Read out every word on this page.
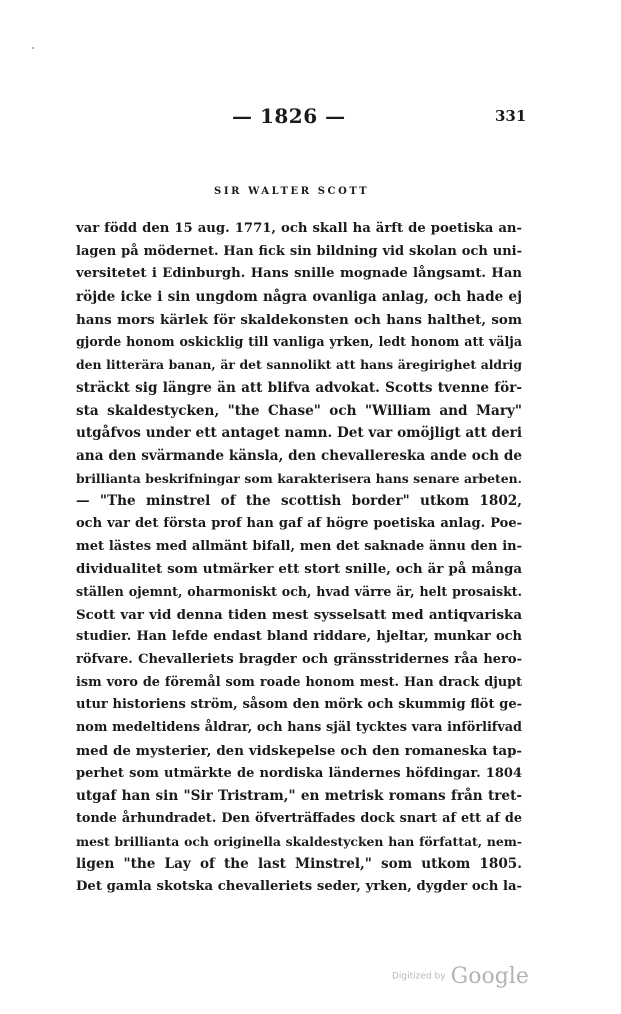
— 1826 —	331
SIR WALTER SCOTT
var född den 15 aug. 1771, och skall ha ärft de poetiska an-
lagen på mödernet. Han fick sin bildning vid skolan och uni-
versitetet i Edinburgh. Hans snille mognade långsamt. Han
röjde icke i sin ungdom några ovanliga anlag, och hade ej
hans mors kärlek för skaldekonsten och hans halthet, som
gjorde honom oskicklig till vanliga yrken, ledt honom att välja
den litterära banan, är det sannolikt att hans äregirighet aldrig
sträckt sig längre än att blifva advokat. Scotts tvenne för-
sta skaldestycken, "the Chase" och "William and Mary"
utgåfvos under ett antaget namn. Det var omöjligt att deri
ana den svärmande känsla, den chevallereska ande och de
brillianta beskrifningar som karakterisera hans senare arbeten.
— "The minstrel of the scottish border" utkom 1802,
och var det första prof han gaf af högre poetiska anlag. Poe-
met lästes med allmänt bifall, men det saknade ännu den in-
dividualitet som utmärker ett stort snille, och är på många
ställen ojemnt, oharmoniskt och, hvad värre är, helt prosaiskt.
Scott var vid denna tiden mest sysselsatt med antiqvariska
studier. Han lefde endast bland riddare, hjeltar, munkar och
röfvare. Chevalleriets bragder och gränsstridernes råa hero-
ism voro de föremål som roade honom mest. Han drack djupt
utur historiens ström, såsom den mörk och skummig flöt ge-
nom medeltidens åldrar, och hans själ tycktes vara införlifvad
med de mysterier, den vidskepelse och den romaneska tap-
perhet som utmärkte de nordiska ländernes höfdingar. 1804
utgaf han sin "Sir Tristram," en metrisk romans från tret-
tonde århundradet. Den öfverträffades dock snart af ett af de
mest brillianta och originella skaldestycken han författat, nem-
ligen "the Lay of the last Minstrel," som utkom 1805.
Det gamla skotska chevalleriets seder, yrken, dygder och la-
Digitized by Google
